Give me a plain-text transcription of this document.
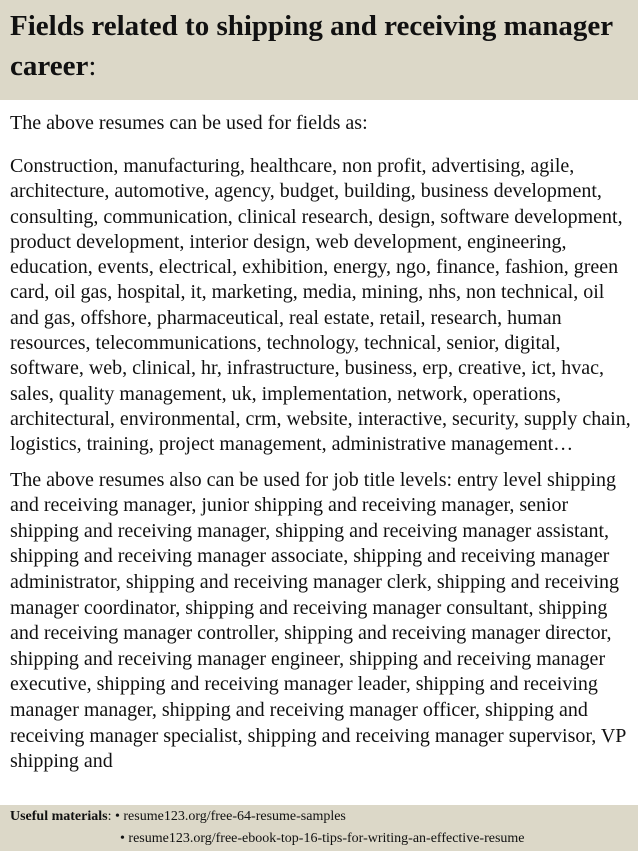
Fields related to shipping and receiving manager career:

The above resumes can be used for fields as:

Construction, manufacturing, healthcare, non profit, advertising, agile, architecture, automotive, agency, budget, building, business development, consulting, communication, clinical research, design, software development, product development, interior design, web development, engineering, education, events, electrical, exhibition, energy, ngo, finance, fashion, green card, oil gas, hospital, it, marketing, media, mining, nhs, non technical, oil and gas, offshore, pharmaceutical, real estate, retail, research, human resources, telecommunications, technology, technical, senior, digital, software, web, clinical, hr, infrastructure, business, erp, creative, ict, hvac, sales, quality management, uk, implementation, network, operations, architectural, environmental, crm, website, interactive, security, supply chain, logistics, training, project management, administrative management…

The above resumes also can be used for job title levels: entry level shipping and receiving manager, junior shipping and receiving manager, senior shipping and receiving manager, shipping and receiving manager assistant, shipping and receiving manager associate, shipping and receiving manager administrator, shipping and receiving manager clerk, shipping and receiving manager coordinator, shipping and receiving manager consultant, shipping and receiving manager controller, shipping and receiving manager director, shipping and receiving manager engineer, shipping and receiving manager executive, shipping and receiving manager leader, shipping and receiving manager manager, shipping and receiving manager officer, shipping and receiving manager specialist, shipping and receiving manager supervisor, VP shipping and

Useful materials: • resume123.org/free-64-resume-samples
• resume123.org/free-ebook-top-16-tips-for-writing-an-effective-resume
